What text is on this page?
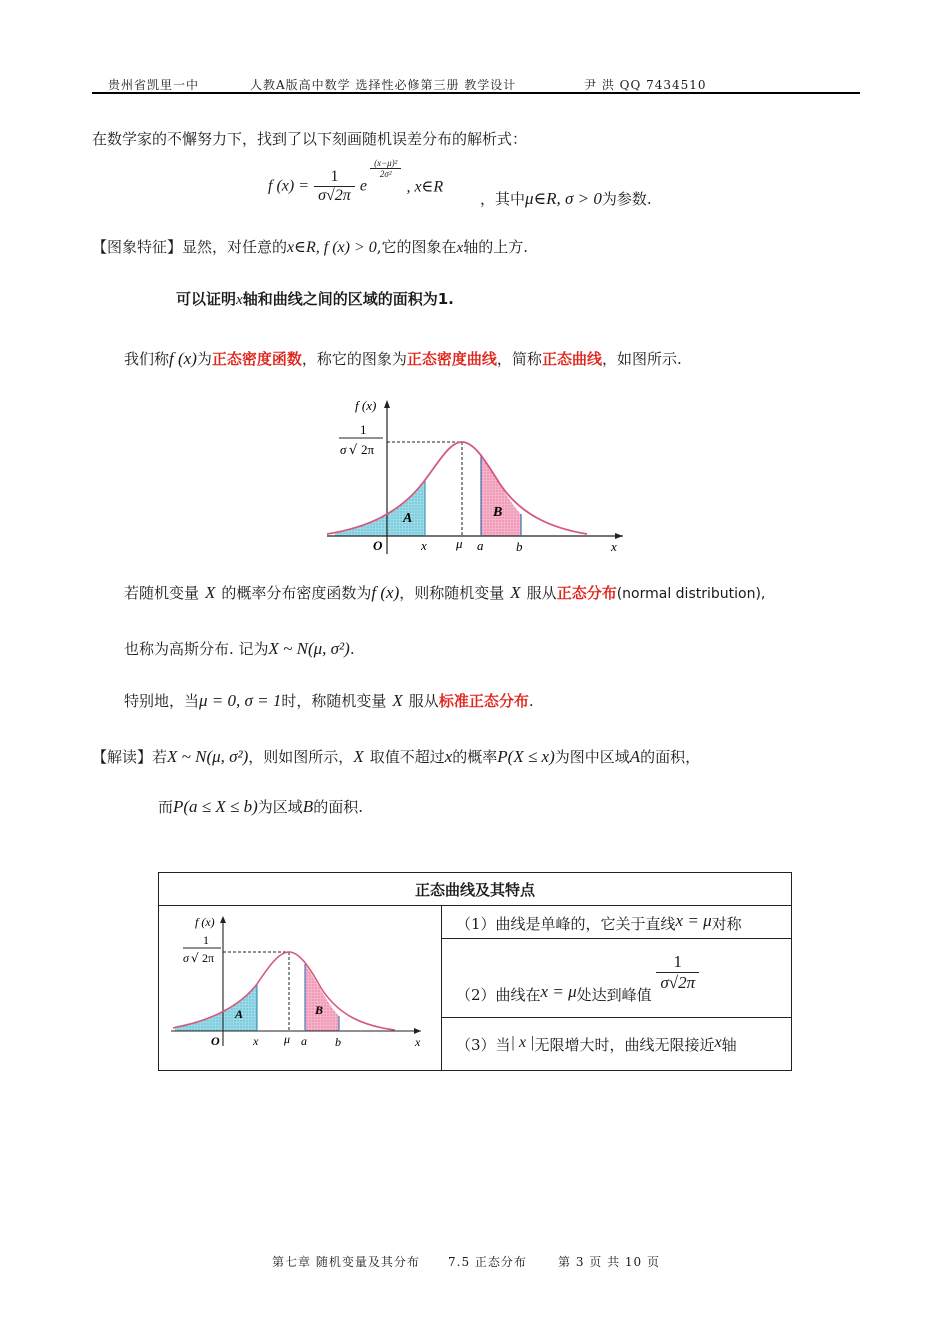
贵州省凯里一中	人教A版高中数学 选择性必修第三册 教学设计	尹 洪 QQ 7434510
在数学家的不懈努力下，找到了以下刻画随机误差分布的解析式：
f $(x) = \frac{1}{\sigma√2\pi}$ e
$\frac{\text{(x−μ)²}}{\text{2σ²}}$
, x∈R
，其中μ∈R, σ > 0为参数.
【图象特征】显然，对任意的x∈R, f (x) > 0,它的图象在x轴的上方.
可以证明x轴和曲线之间的区域的面积为1.
我们称f (x)为正态密度函数，称它的图象为正态密度曲线，简称正态曲线，如图所示.
A	B
f (x)
1
σ √ 2π
O	x μ a	b	x
若随机变量 X 的概率分布密度函数为f (x)，则称随机变量 X 服从正态分布(normal distribution),
也称为高斯分布. 记为X ~ N(μ, σ²).
特别地，当μ = 0, σ = 1时，称随机变量 X 服从标准正态分布.
【解读】若X ~ N(μ, σ²)，则如图所示，X 取值不超过x的概率P(X ≤ x)为图中区域A的面积，
而P(a ≤ X ≤ b)为区域B的面积.
正态曲线及其特点

A	B
f (x)
1
σ √ 2π
O	x μ a b	x
	（1）曲线是单峰的，它关于直线x = μ对称
（2）曲线在x = μ处达到峰值
$\frac{1}{\sigma√2\pi}$

（3）当| x |无限增大时，曲线无限接近x轴
第七章 随机变量及其分布 7.5 正态分布	第 3 页 共 10 页
